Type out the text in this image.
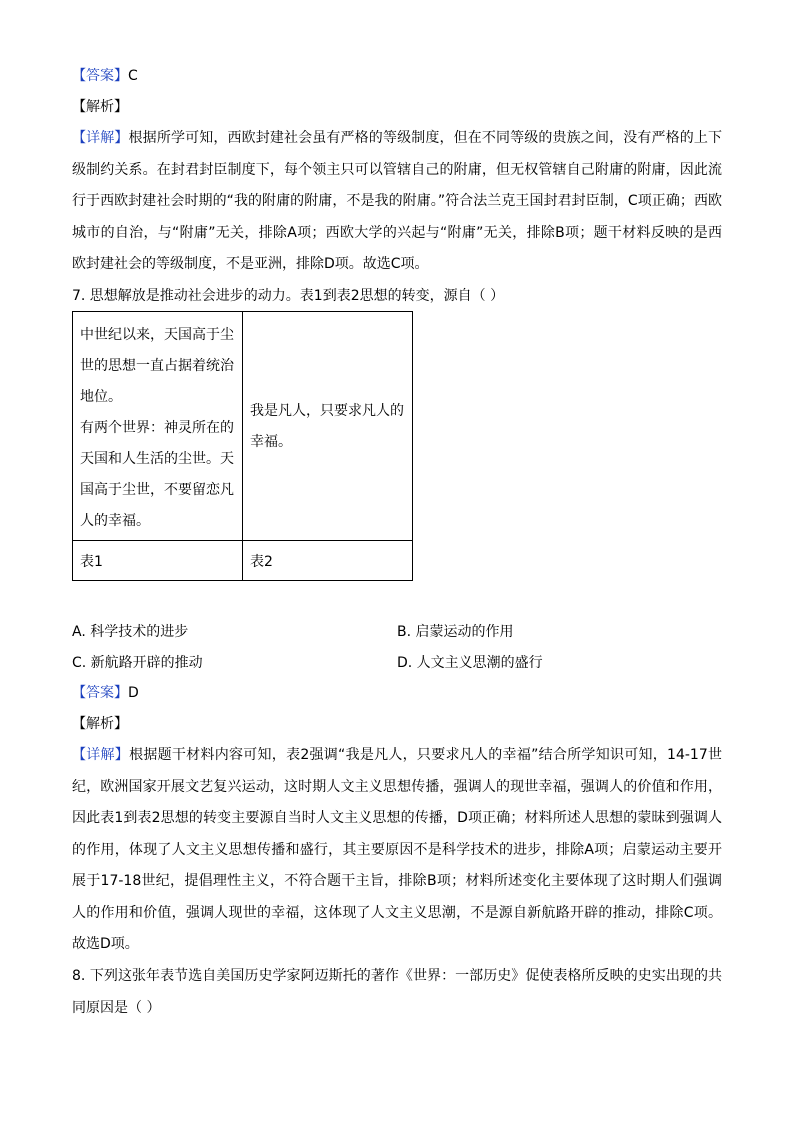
【答案】C
【解析】
【详解】根据所学可知，西欧封建社会虽有严格的等级制度，但在不同等级的贵族之间，没有严格的上下级制约关系。在封君封臣制度下，每个领主只可以管辖自己的附庸，但无权管辖自己附庸的附庸，因此流行于西欧封建社会时期的“我的附庸的附庸，不是我的附庸。”符合法兰克王国封君封臣制，C项正确；西欧城市的自治，与“附庸”无关，排除A项；西欧大学的兴起与“附庸”无关，排除B项；题干材料反映的是西欧封建社会的等级制度，不是亚洲，排除D项。故选C项。
7. 思想解放是推动社会进步的动力。表1到表2思想的转变，源自（ ）
中世纪以来，天国高于尘世的思想一直占据着统治地位。
有两个世界：神灵所在的天国和人生活的尘世。天国高于尘世，不要留恋凡人的幸福。	我是凡人，只要求凡人的幸福。

表1	表2
A. 科学技术的进步	B. 启蒙运动的作用
C. 新航路开辟的推动	D. 人文主义思潮的盛行
【答案】D
【解析】
【详解】根据题干材料内容可知，表2强调“我是凡人，只要求凡人的幸福”结合所学知识可知，14-17世纪，欧洲国家开展文艺复兴运动，这时期人文主义思想传播，强调人的现世幸福，强调人的价值和作用，因此表1到表2思想的转变主要源自当时人文主义思想的传播，D项正确；材料所述人思想的蒙昧到强调人的作用，体现了人文主义思想传播和盛行，其主要原因不是科学技术的进步，排除A项；启蒙运动主要开展于17-18世纪，提倡理性主义，不符合题干主旨，排除B项；材料所述变化主要体现了这时期人们强调人的作用和价值，强调人现世的幸福，这体现了人文主义思潮，不是源自新航路开辟的推动，排除C项。故选D项。
8. 下列这张年表节选自美国历史学家阿迈斯托的著作《世界：一部历史》促使表格所反映的史实出现的共同原因是（ ）
